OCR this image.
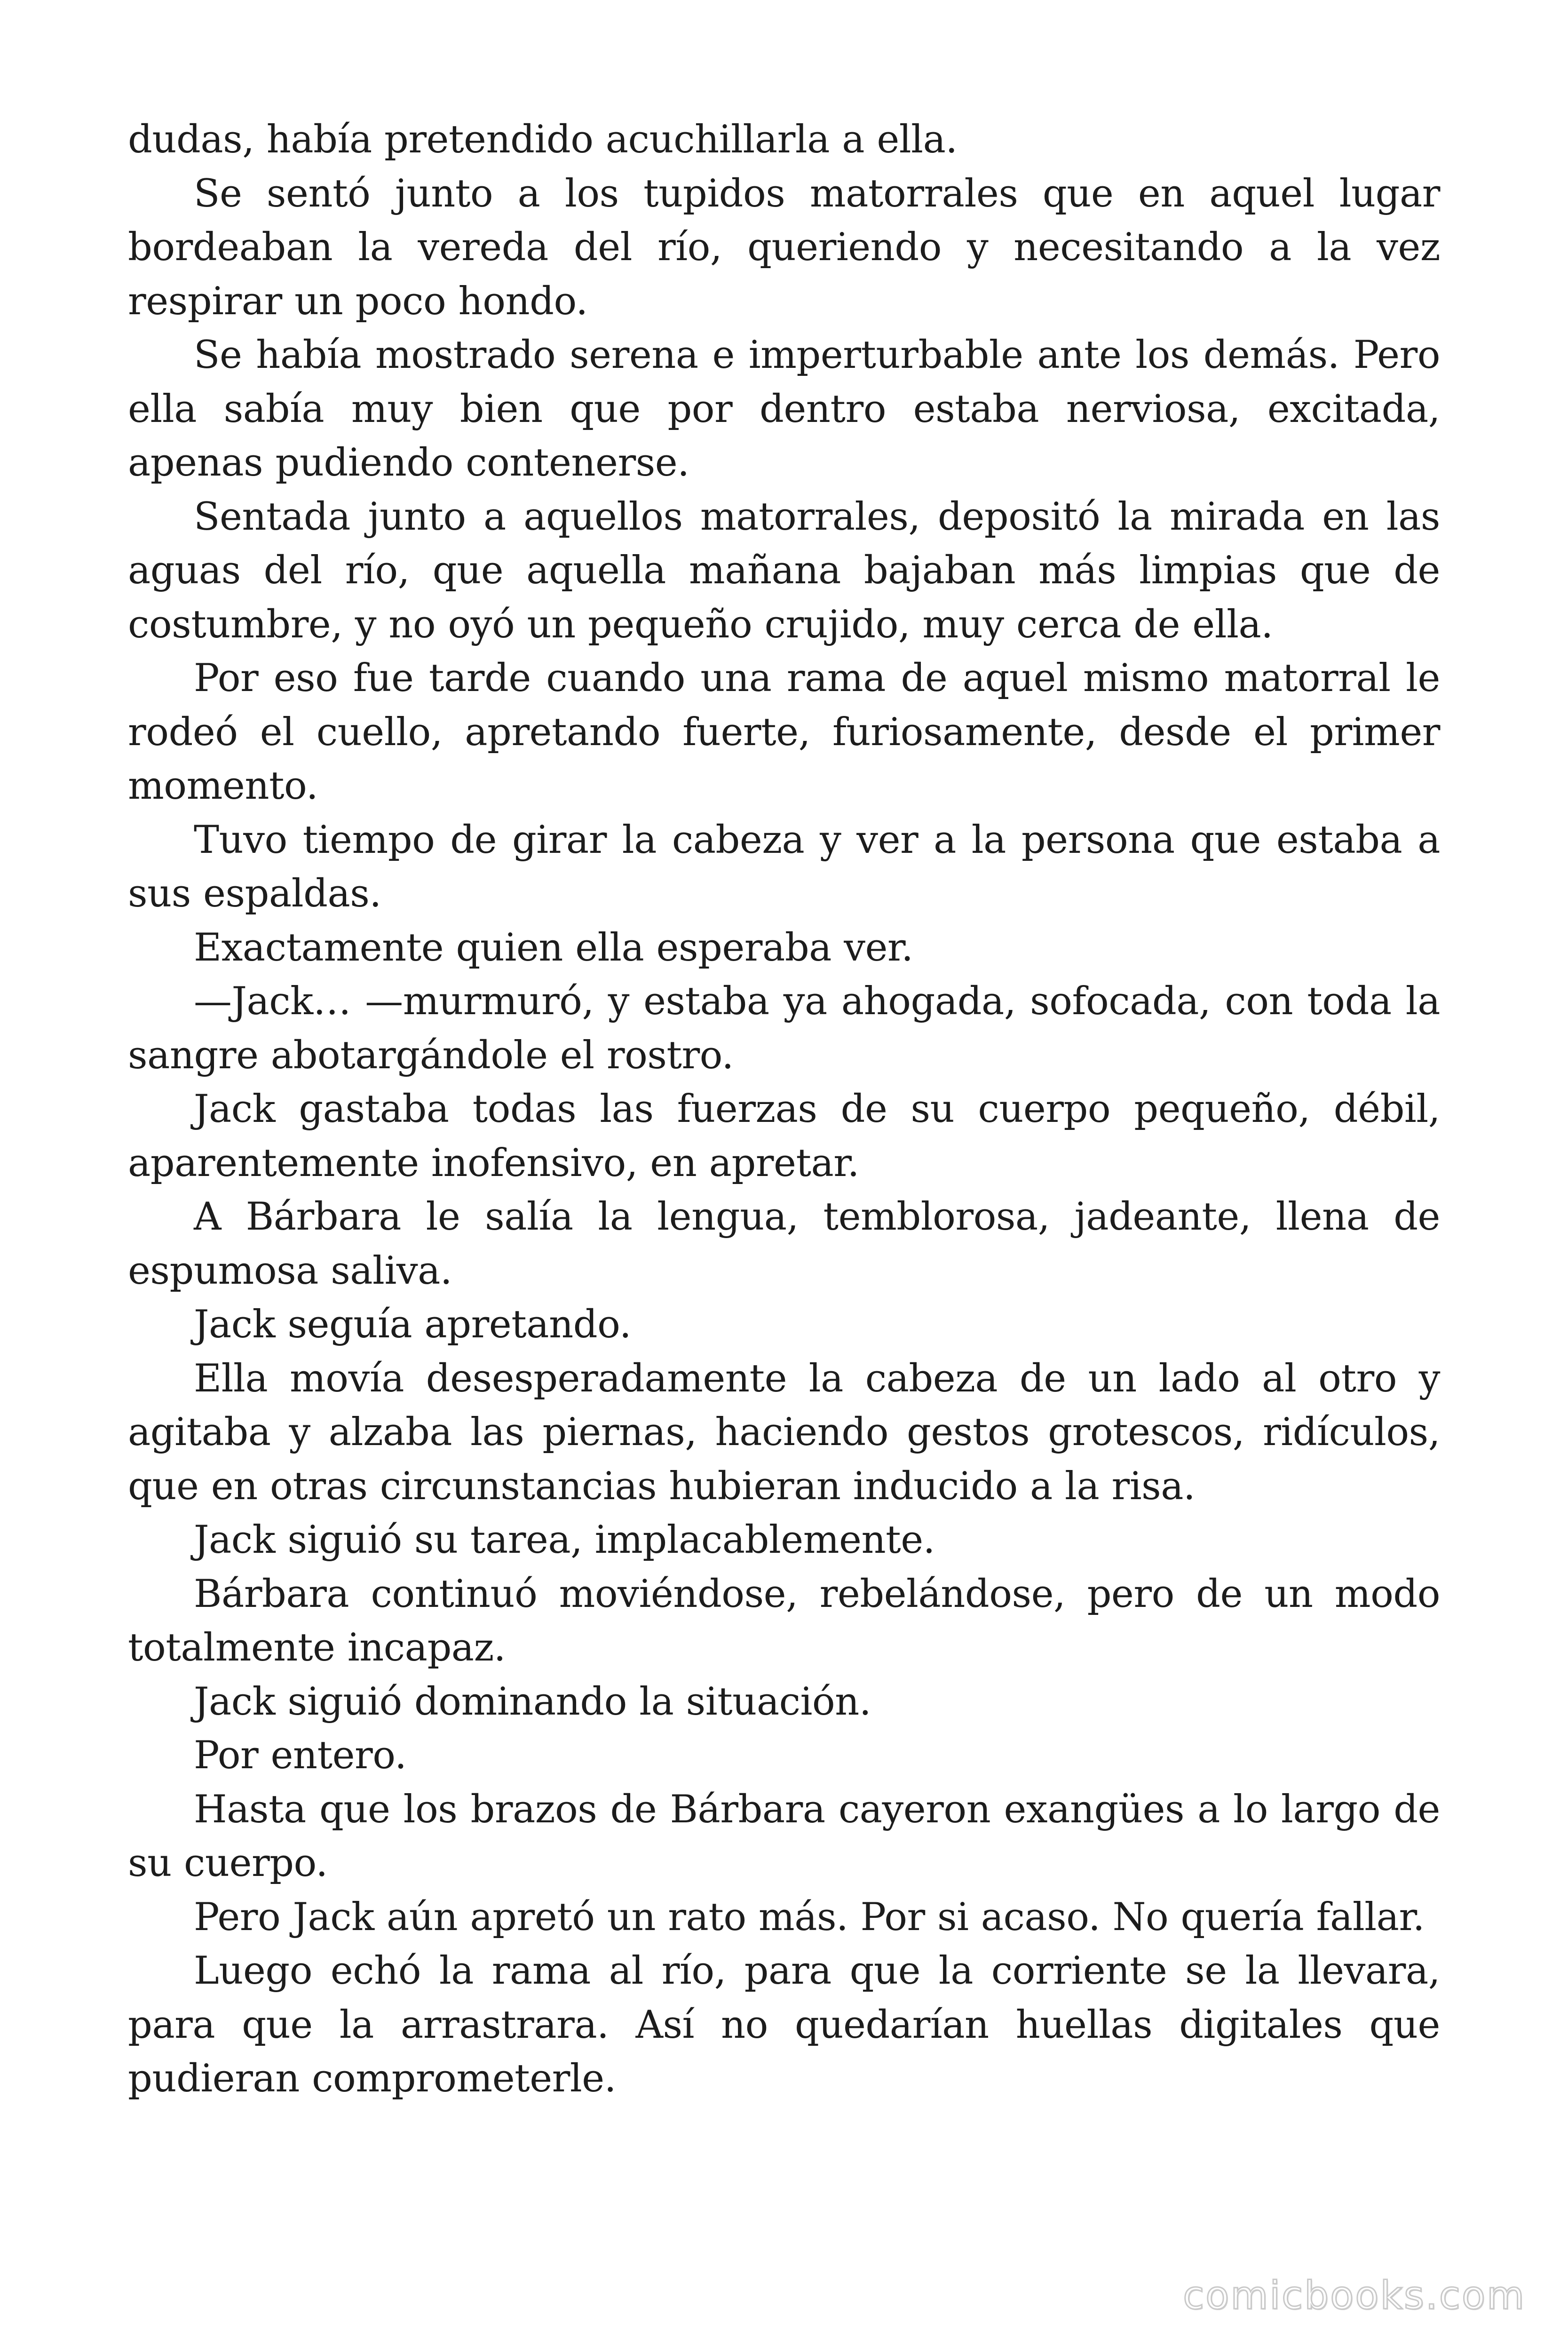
dudas, había pretendido acuchillarla a ella.

Se sentó junto a los tupidos matorrales que en aquel lugar bordeaban la vereda del río, queriendo y necesitando a la vez respirar un poco hondo.

Se había mostrado serena e imperturbable ante los demás. Pero ella sabía muy bien que por dentro estaba nerviosa, excitada, apenas pudiendo contenerse.

Sentada junto a aquellos matorrales, depositó la mirada en las aguas del río, que aquella mañana bajaban más limpias que de costumbre, y no oyó un pequeño crujido, muy cerca de ella.

Por eso fue tarde cuando una rama de aquel mismo matorral le rodeó el cuello, apretando fuerte, furiosamente, desde el primer momento.

Tuvo tiempo de girar la cabeza y ver a la persona que estaba a sus espaldas.

Exactamente quien ella esperaba ver.

—Jack… —murmuró, y estaba ya ahogada, sofocada, con toda la sangre abotargándole el rostro.

Jack gastaba todas las fuerzas de su cuerpo pequeño, débil, aparentemente inofensivo, en apretar.

A Bárbara le salía la lengua, temblorosa, jadeante, llena de espumosa saliva.

Jack seguía apretando.

Ella movía desesperadamente la cabeza de un lado al otro y agitaba y alzaba las piernas, haciendo gestos grotescos, ridículos, que en otras circunstancias hubieran inducido a la risa.

Jack siguió su tarea, implacablemente.

Bárbara continuó moviéndose, rebelándose, pero de un modo totalmente incapaz.

Jack siguió dominando la situación.

Por entero.

Hasta que los brazos de Bárbara cayeron exangües a lo largo de su cuerpo.

Pero Jack aún apretó un rato más. Por si acaso. No quería fallar.

Luego echó la rama al río, para que la corriente se la llevara, para que la arrastrara. Así no quedarían huellas digitales que pudieran comprometerle.

comicbooks.com
